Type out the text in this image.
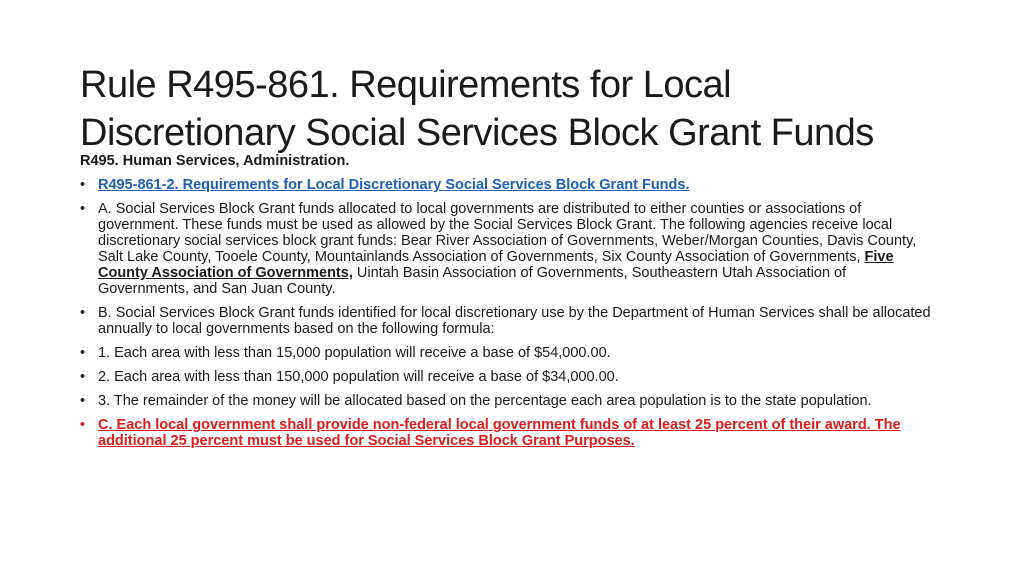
Rule R495-861. Requirements for Local
Discretionary Social Services Block Grant Funds
R495. Human Services, Administration.
• R495-861-2. Requirements for Local Discretionary Social Services Block Grant Funds.
• A. Social Services Block Grant funds allocated to local governments are distributed to either counties or associations of government. These funds must be used as allowed by the Social Services Block Grant. The following agencies receive local discretionary social services block grant funds: Bear River Association of Governments, Weber/Morgan Counties, Davis County, Salt Lake County, Tooele County, Mountainlands Association of Governments, Six County Association of Governments, Five County Association of Governments, Uintah Basin Association of Governments, Southeastern Utah Association of Governments, and San Juan County.
• B. Social Services Block Grant funds identified for local discretionary use by the Department of Human Services shall be allocated annually to local governments based on the following formula:
• 1. Each area with less than 15,000 population will receive a base of $54,000.00.
• 2. Each area with less than 150,000 population will receive a base of $34,000.00.
• 3. The remainder of the money will be allocated based on the percentage each area population is to the state population.
• C. Each local government shall provide non-federal local government funds of at least 25 percent of their award. The additional 25 percent must be used for Social Services Block Grant Purposes.
